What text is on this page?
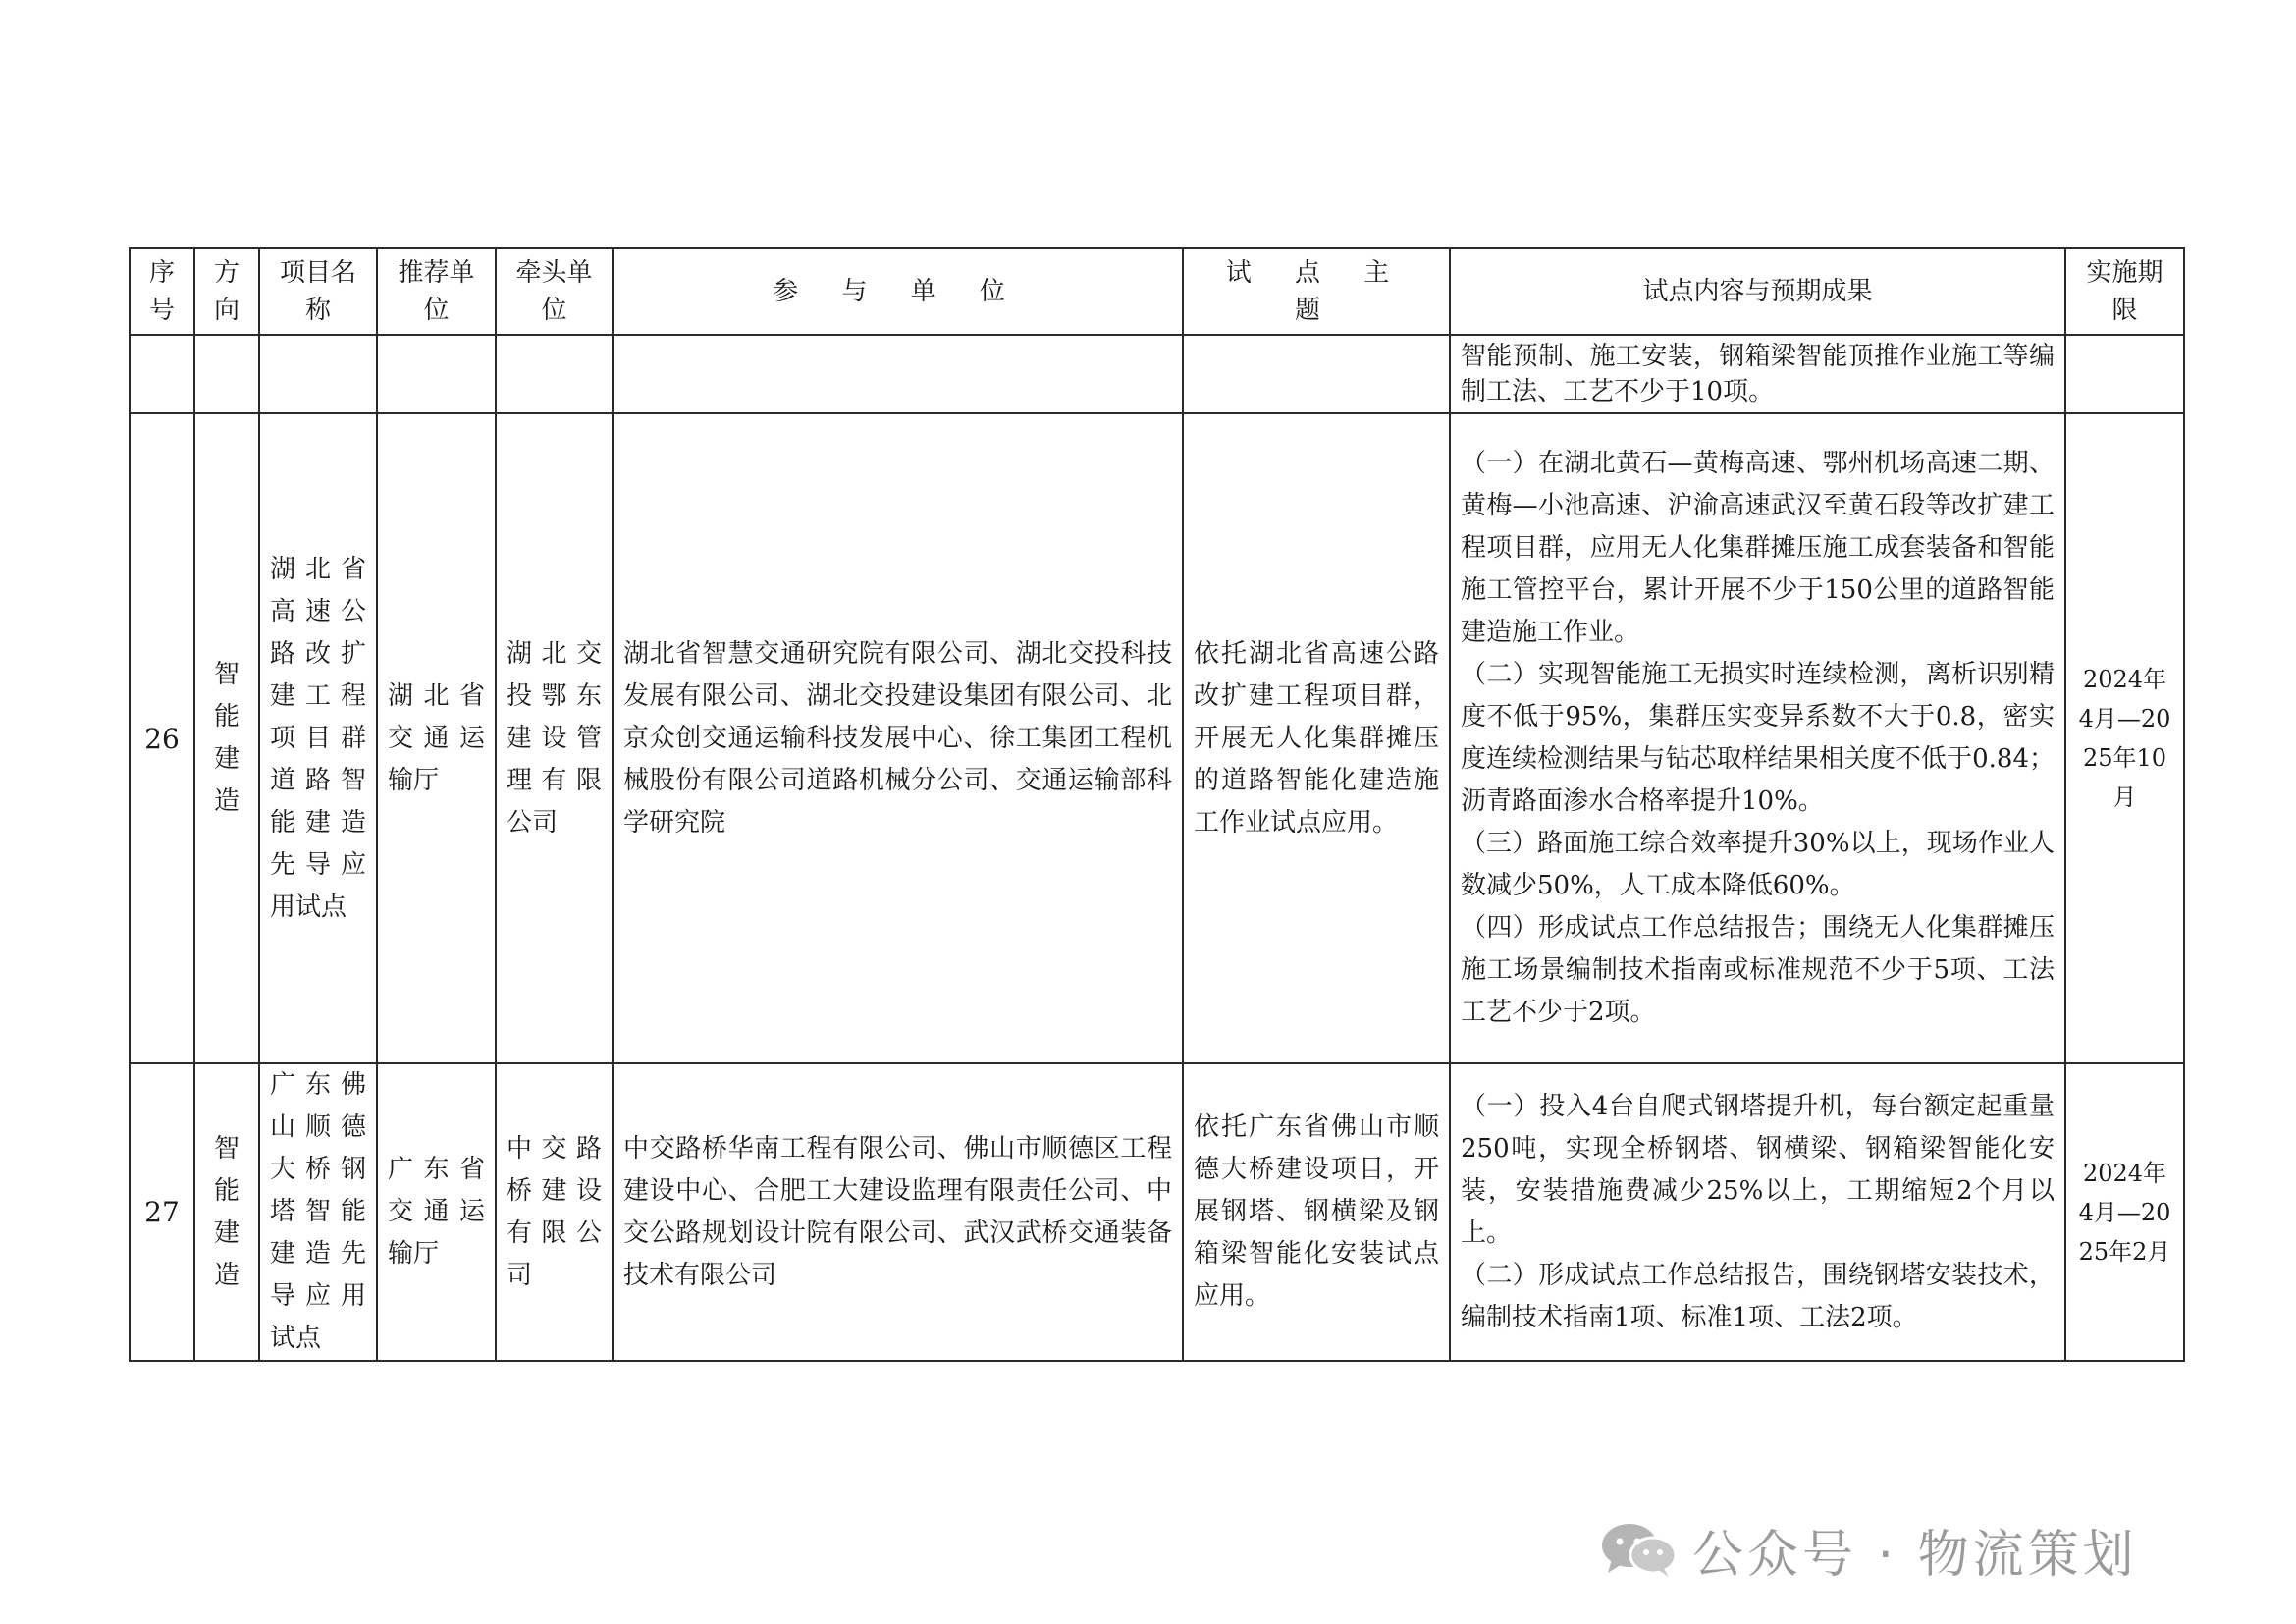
序号	方向	项目名称	推荐单位	牵头单位	参 与 单 位	试 点 主 题	试点内容与预期成果	实施期限

							智能预制、施工安装，钢箱梁智能顶推作业施工等编制工法、工艺不少于10项。	

26	智能建造	湖北省高速公路改扩建工程项目群道路智能建造先导应用试点	湖北省交通运输厅	湖北交投鄂东建设管理有限公司	湖北省智慧交通研究院有限公司、湖北交投科技发展有限公司、湖北交投建设集团有限公司、北京众创交通运输科技发展中心、徐工集团工程机械股份有限公司道路机械分公司、交通运输部科学研究院	依托湖北省高速公路改扩建工程项目群，开展无人化集群摊压的道路智能化建造施工作业试点应用。	（一）在湖北黄石—黄梅高速、鄂州机场高速二期、黄梅—小池高速、沪渝高速武汉至黄石段等改扩建工程项目群，应用无人化集群摊压施工成套装备和智能施工管控平台，累计开展不少于150公里的道路智能建造施工作业。
（二）实现智能施工无损实时连续检测，离析识别精度不低于95%，集群压实变异系数不大于0.8，密实度连续检测结果与钻芯取样结果相关度不低于0.84；沥青路面渗水合格率提升10%。
（三）路面施工综合效率提升30%以上，现场作业人数减少50%，人工成本降低60%。
（四）形成试点工作总结报告；围绕无人化集群摊压施工场景编制技术指南或标准规范不少于5项、工法工艺不少于2项。	2024年4月—2025年10月
27	智能建造	广东佛山顺德大桥钢塔智能建造先导应用试点	广东省交通运输厅	中交路桥建设有限公司	中交路桥华南工程有限公司、佛山市顺德区工程建设中心、合肥工大建设监理有限责任公司、中交公路规划设计院有限公司、武汉武桥交通装备技术有限公司	依托广东省佛山市顺德大桥建设项目，开展钢塔、钢横梁及钢箱梁智能化安装试点应用。	（一）投入4台自爬式钢塔提升机，每台额定起重量250吨，实现全桥钢塔、钢横梁、钢箱梁智能化安装，安装措施费减少25%以上，工期缩短2个月以上。
（二）形成试点工作总结报告，围绕钢塔安装技术，编制技术指南1项、标准1项、工法2项。	2024年4月—2025年2月
公众号 · 物流策划
